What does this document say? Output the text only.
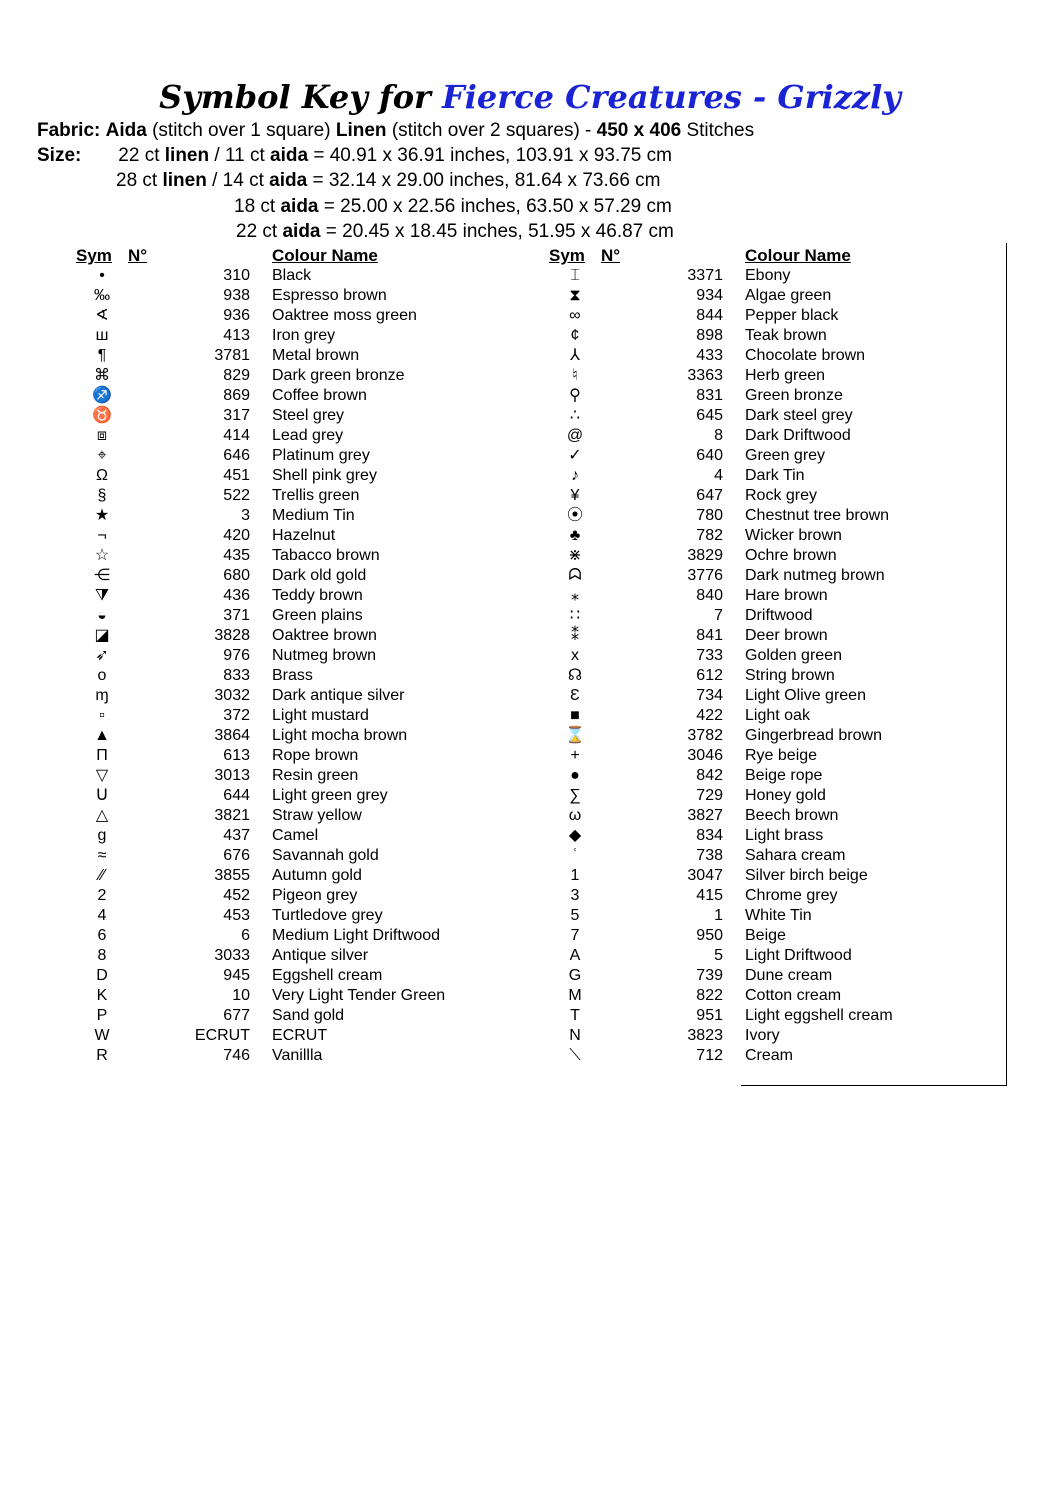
Symbol Key for Fierce Creatures - Grizzly
Fabric: Aida (stitch over 1 square) Linen (stitch over 2 squares) - 450 x 406 Stitches
Size: 22 ct linen / 11 ct aida = 40.91 x 36.91 inches, 103.91 x 93.75 cm
28 ct linen / 14 ct aida = 32.14 x 29.00 inches, 81.64 x 73.66 cm
18 ct aida = 25.00 x 22.56 inches, 63.50 x 57.29 cm
22 ct aida = 20.45 x 18.45 inches, 51.95 x 46.87 cm
Sym	N°		Colour Name
•	310		Black
‰	938		Espresso brown
∢	936		Oaktree moss green
ш	413		Iron grey
¶	3781		Metal brown
⌘	829		Dark green bronze
♐	869		Coffee brown
♉	317		Steel grey
⧈	414		Lead grey
⌖	646		Platinum grey
Ω	451		Shell pink grey
§	522		Trellis green
★	3		Medium Tin
¬	420		Hazelnut
☆	435		Tabacco brown
⋲	680		Dark old gold
⧩	436		Teddy brown
◒	371		Green plains
◪	3828		Oaktree brown
➶	976		Nutmeg brown
o	833		Brass
ɱ	3032		Dark antique silver
▫	372		Light mustard
▲	3864		Light mocha brown
Π	613		Rope brown
▽	3013		Resin green
Ս	644		Light green grey
△	3821		Straw yellow
g	437		Camel
≈	676		Savannah gold
⁄⁄	3855		Autumn gold
2	452		Pigeon grey
4	453		Turtledove grey
6	6		Medium Light Driftwood
8	3033		Antique silver
D	945		Eggshell cream
K	10		Very Light Tender Green
P	677		Sand gold
W	ECRUT		ECRUT
R	746		Vanillla
Sym	N°		Colour Name
⌶	3371		Ebony
⧗	934		Algae green
∞	844		Pepper black
¢	898		Teak brown
⅄	433		Chocolate brown
♮	3363		Herb green
⚲	831		Green bronze
∴	645		Dark steel grey
@	8		Dark Driftwood
✓	640		Green grey
♪	4		Dark Tin
¥	647		Rock grey
⦿	780		Chestnut tree brown
♣	782		Wicker brown
⋇	3829		Ochre brown
ᗣ	3776		Dark nutmeg brown
⁎	840		Hare brown
∷	7		Driftwood
⁑	841		Deer brown
x	733		Golden green
☊	612		String brown
Ɛ	734		Light Olive green
■	422		Light oak
⌛	3782		Gingerbread brown
+	3046		Rye beige
●	842		Beige rope
∑	729		Honey gold
ω	3827		Beech brown
◆	834		Light brass
ʿ	738		Sahara cream
1	3047		Silver birch beige
3	415		Chrome grey
5	1		White Tin
7	950		Beige
A	5		Light Driftwood
G	739		Dune cream
M	822		Cotton cream
T	951		Light eggshell cream
N	3823		Ivory
⟍	712		Cream
